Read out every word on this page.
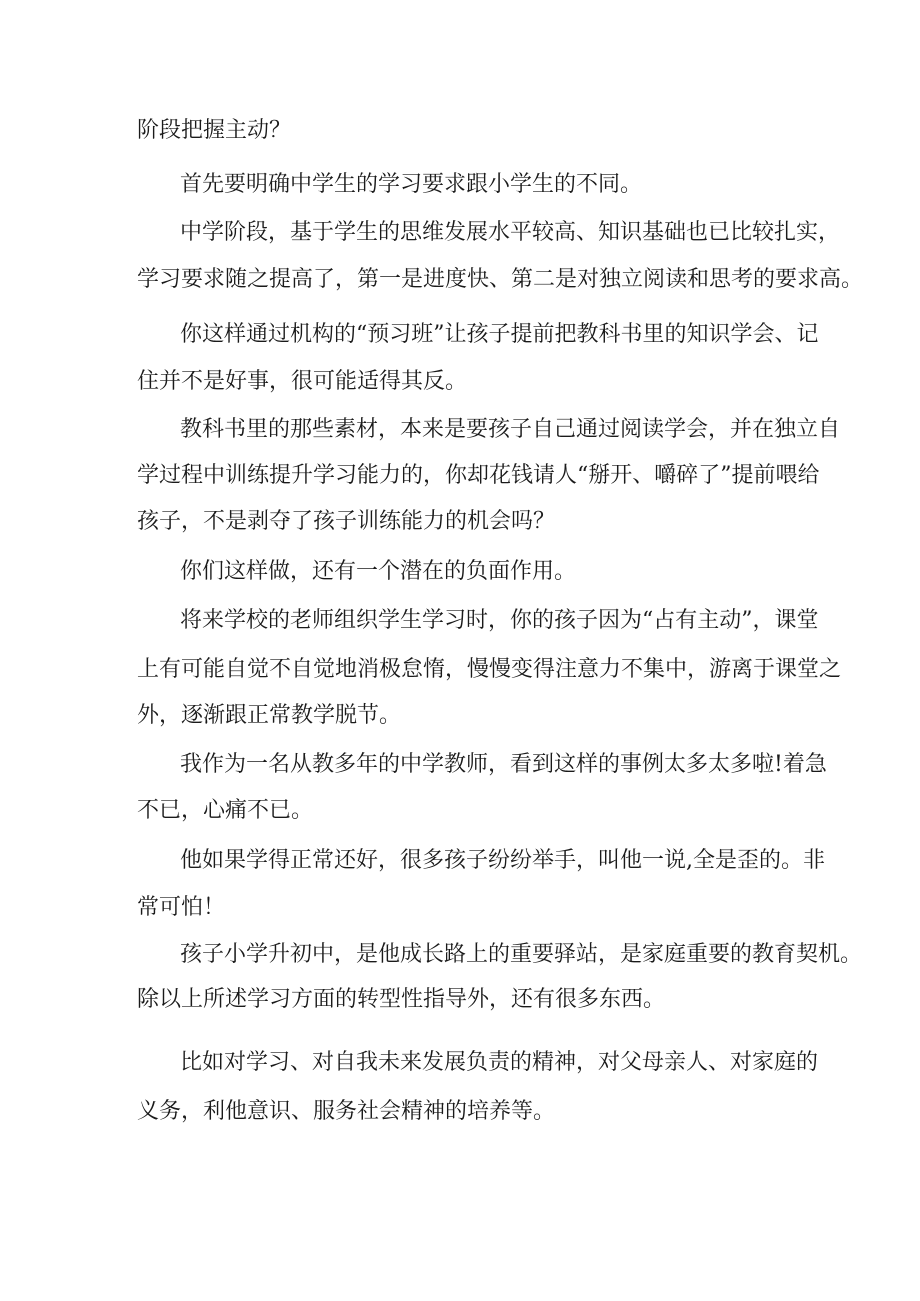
阶段把握主动？
首先要明确中学生的学习要求跟小学生的不同。
中学阶段，基于学生的思维发展水平较高、知识基础也已比较扎实，
学习要求随之提高了，第一是进度快、第二是对独立阅读和思考的要求高。
你这样通过机构的“预习班”让孩子提前把教科书里的知识学会、记
住并不是好事，很可能适得其反。
教科书里的那些素材，本来是要孩子自己通过阅读学会，并在独立自
学过程中训练提升学习能力的，你却花钱请人“掰开、嚼碎了”提前喂给
孩子，不是剥夺了孩子训练能力的机会吗？
你们这样做，还有一个潜在的负面作用。
将来学校的老师组织学生学习时，你的孩子因为“占有主动”，课堂
上有可能自觉不自觉地消极怠惰，慢慢变得注意力不集中，游离于课堂之
外，逐渐跟正常教学脱节。
我作为一名从教多年的中学教师，看到这样的事例太多太多啦!着急
不已，心痛不已。
他如果学得正常还好，很多孩子纷纷举手，叫他一说,全是歪的。非
常可怕！
孩子小学升初中，是他成长路上的重要驿站，是家庭重要的教育契机。
除以上所述学习方面的转型性指导外，还有很多东西。
比如对学习、对自我未来发展负责的精神，对父母亲人、对家庭的
义务，利他意识、服务社会精神的培养等。
